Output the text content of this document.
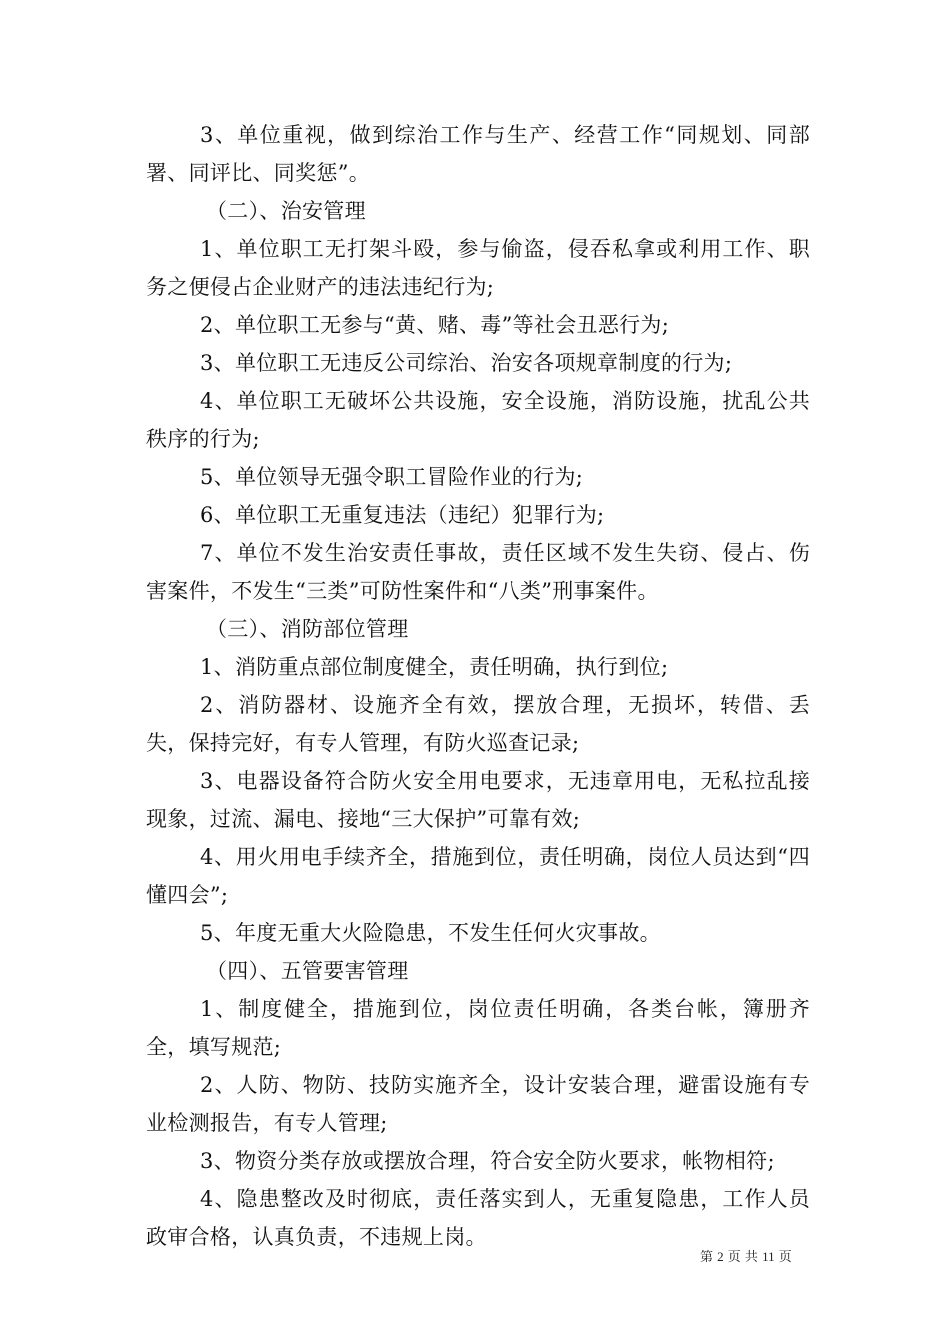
3、单位重视，做到综治工作与生产、经营工作“同规划、同部署、同评比、同奖惩”。

（二）、治安管理

1、单位职工无打架斗殴，参与偷盗，侵吞私拿或利用工作、职务之便侵占企业财产的违法违纪行为;

2、单位职工无参与“黄、赌、毒”等社会丑恶行为;

3、单位职工无违反公司综治、治安各项规章制度的行为;

4、单位职工无破坏公共设施，安全设施，消防设施，扰乱公共秩序的行为;

5、单位领导无强令职工冒险作业的行为;

6、单位职工无重复违法（违纪）犯罪行为;

7、单位不发生治安责任事故，责任区域不发生失窃、侵占、伤害案件，不发生“三类”可防性案件和“八类”刑事案件。

（三）、消防部位管理

1、消防重点部位制度健全，责任明确，执行到位;

2、消防器材、设施齐全有效，摆放合理，无损坏，转借、丢失，保持完好，有专人管理，有防火巡查记录;

3、电器设备符合防火安全用电要求，无违章用电，无私拉乱接现象，过流、漏电、接地“三大保护”可靠有效;

4、用火用电手续齐全，措施到位，责任明确，岗位人员达到“四懂四会”;

5、年度无重大火险隐患，不发生任何火灾事故。

（四）、五管要害管理

1、制度健全，措施到位，岗位责任明确，各类台帐，簿册齐全，填写规范;

2、人防、物防、技防实施齐全，设计安装合理，避雷设施有专业检测报告，有专人管理;

3、物资分类存放或摆放合理，符合安全防火要求，帐物相符;

4、隐患整改及时彻底，责任落实到人，无重复隐患，工作人员政审合格，认真负责，不违规上岗。

第 2 页 共 11 页
